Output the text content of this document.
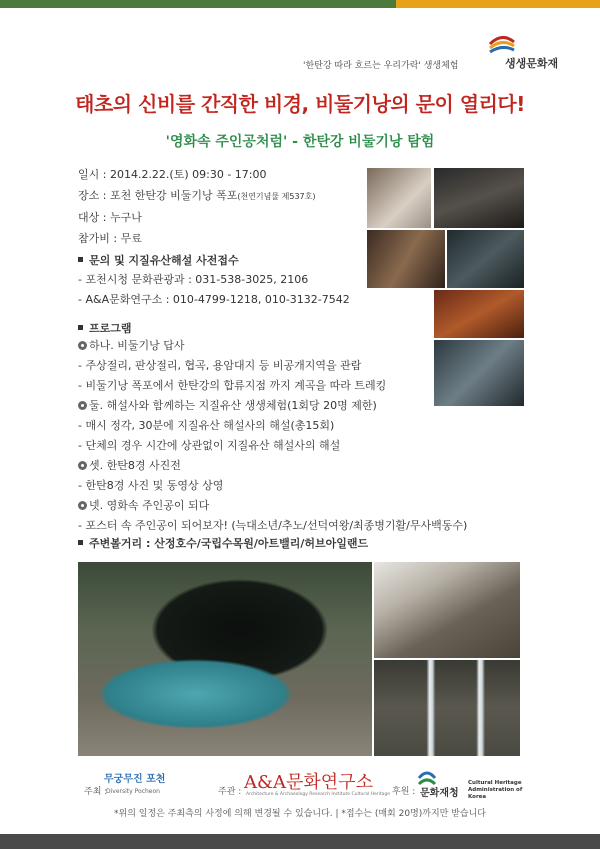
'한탄강 따라 흐르는 우리가락' 생생체험	생생문화재
태초의 신비를 간직한 비경, 비둘기낭의 문이 열리다!
'영화속 주인공처럼' - 한탄강 비둘기낭 탐험
일시 : 2014.2.22.(토) 09:30 - 17:00
장소 : 포천 한탄강 비둘기낭 폭포(천연기념물 제537호)
대상 : 누구나
참가비 : 무료
문의 및 지질유산해설 사전접수
- 포천시청 문화관광과 : 031-538-3025, 2106
- A&A문화연구소 : 010-4799-1218, 010-3132-7542
프로그램
하나. 비둘기낭 답사
- 주상절리, 판상절리, 협곡, 용암대지 등 비공개지역을 관람
- 비둘기낭 폭포에서 한탄강의 합류지점 까지 계곡을 따라 트레킹
둘. 해설사와 함께하는 지질유산 생생체험(1회당 20명 제한)
- 매시 정각, 30분에 지질유산 해설사의 해설(총15회)
- 단체의 경우 시간에 상관없이 지질유산 해설사의 해설
셋. 한탄8경 사진전
- 한탄8경 사진 및 동영상 상영
넷. 영화속 주인공이 되다
- 포스터 속 주인공이 되어보자! (늑대소년/추노/선덕여왕/최종병기활/무사백동수)
주변볼거리 : 산정호수/국립수목원/아트밸리/허브아일랜드
주최 :
무궁무진 포천
Diversity Pocheon	주관 : A&A문화연구소
Architecture & Archaeology Research Institute Cultural Heritage 후원 : 문화재청
Cultural Heritage Administration of Korea
*위의 일정은 주최측의 사정에 의해 변경될 수 있습니다. | *접수는 (매회 20명)까지만 받습니다
